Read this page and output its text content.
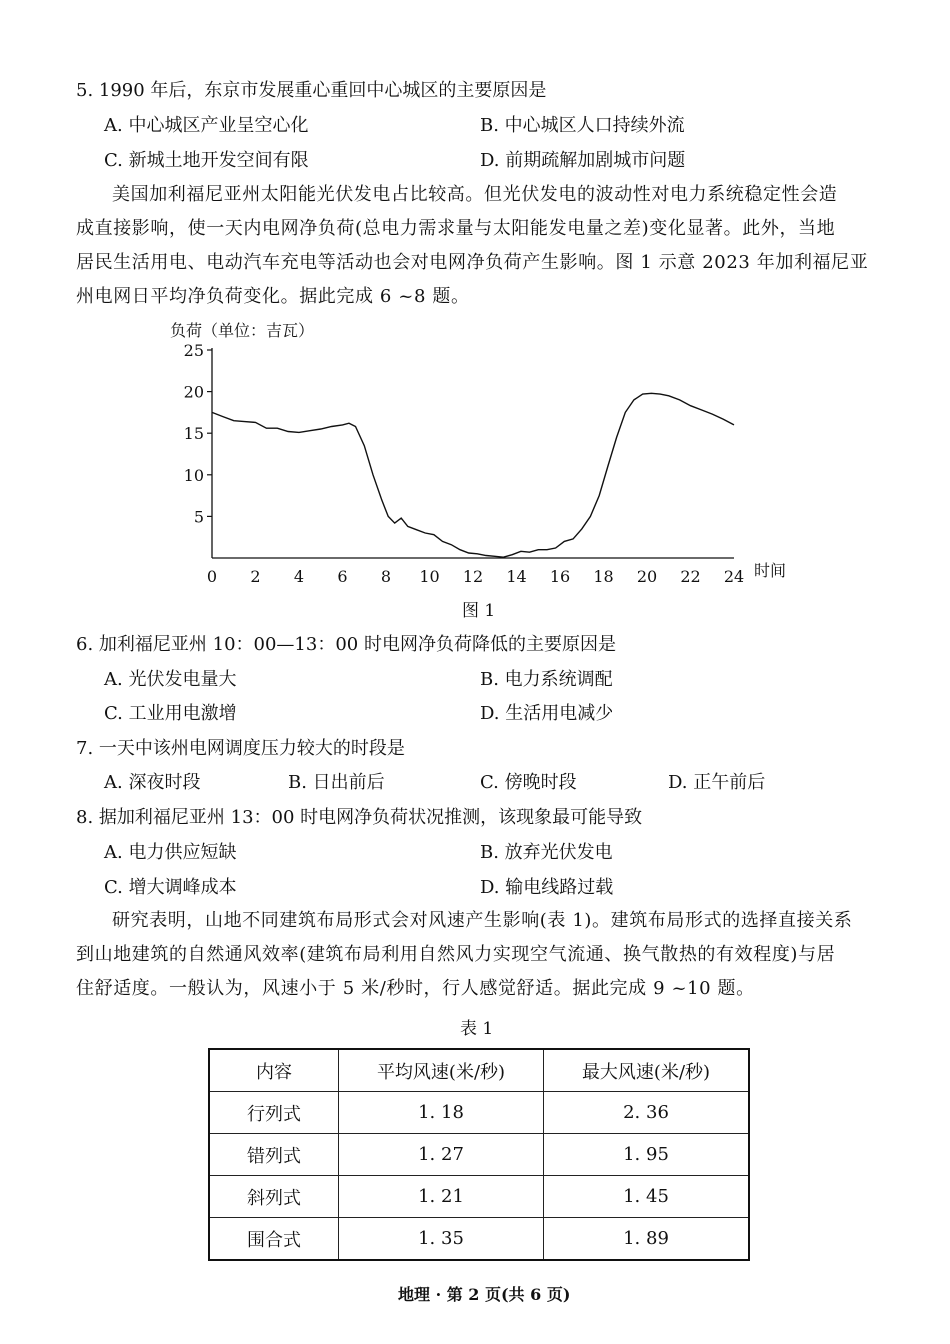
5. 1990 年后，东京市发展重心重回中心城区的主要原因是
A. 中心城区产业呈空心化	B. 中心城区人口持续外流
C. 新城土地开发空间有限	D. 前期疏解加剧城市问题
美国加利福尼亚州太阳能光伏发电占比较高。但光伏发电的波动性对电力系统稳定性会造
成直接影响，使一天内电网净负荷(总电力需求量与太阳能发电量之差)变化显著。此外，当地
居民生活用电、电动汽车充电等活动也会对电网净负荷产生影响。图 1 示意 2023 年加利福尼亚
州电网日平均净负荷变化。据此完成 6 ~8 题。
负荷（单位：吉瓦）
5
10
15
20
25
0 2 4 6 8 10 12 14 16 18 20 22 24 时间
图 1
6. 加利福尼亚州 10：00—13：00 时电网净负荷降低的主要原因是
A. 光伏发电量大	B. 电力系统调配
C. 工业用电激增	D. 生活用电减少
7. 一天中该州电网调度压力较大的时段是
A. 深夜时段	B. 日出前后	C. 傍晚时段	D. 正午前后
8. 据加利福尼亚州 13：00 时电网净负荷状况推测，该现象最可能导致
A. 电力供应短缺	B. 放弃光伏发电
C. 增大调峰成本	D. 输电线路过载
研究表明，山地不同建筑布局形式会对风速产生影响(表 1)。建筑布局形式的选择直接关系
到山地建筑的自然通风效率(建筑布局利用自然风力实现空气流通、换气散热的有效程度)与居
住舒适度。一般认为，风速小于 5 米/秒时，行人感觉舒适。据此完成 9 ~10 题。
表 1
内容	平均风速(米/秒)	最大风速(米/秒)
行列式	1. 18	2. 36
错列式	1. 27	1. 95
斜列式	1. 21	1. 45
围合式	1. 35	1. 89
地理 · 第 2 页(共 6 页)
